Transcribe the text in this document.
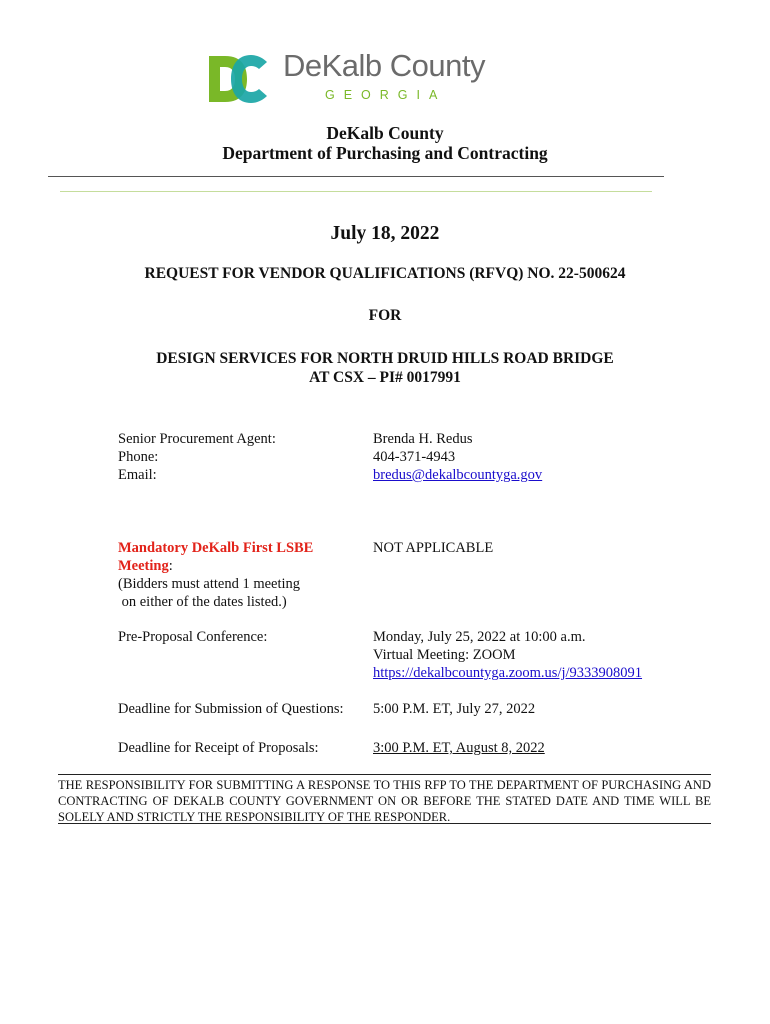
DeKalb County
GEORGIA
DeKalb County
Department of Purchasing and Contracting
July 18, 2022
REQUEST FOR VENDOR QUALIFICATIONS (RFVQ) NO. 22-500624
FOR
DESIGN SERVICES FOR NORTH DRUID HILLS ROAD BRIDGE
AT CSX – PI# 0017991
Senior Procurement Agent:
Phone:
Email:
Brenda H. Redus
404-371-4943
bredus@dekalbcountyga.gov
Mandatory DeKalb First LSBE
Meeting:
(Bidders must attend 1 meeting
on either of the dates listed.)
NOT APPLICABLE
Pre-Proposal Conference:	Monday, July 25, 2022 at 10:00 a.m.
Virtual Meeting: ZOOM
https://dekalbcountyga.zoom.us/j/9333908091
Deadline for Submission of Questions: 5:00 P.M. ET, July 27, 2022
Deadline for Receipt of Proposals:	3:00 P.M. ET, August 8, 2022
THE RESPONSIBILITY FOR SUBMITTING A RESPONSE TO THIS RFP TO THE DEPARTMENT OF PURCHASING AND CONTRACTING OF DEKALB COUNTY GOVERNMENT ON OR BEFORE THE STATED DATE AND TIME WILL BE SOLELY AND STRICTLY THE RESPONSIBILITY OF THE RESPONDER.
